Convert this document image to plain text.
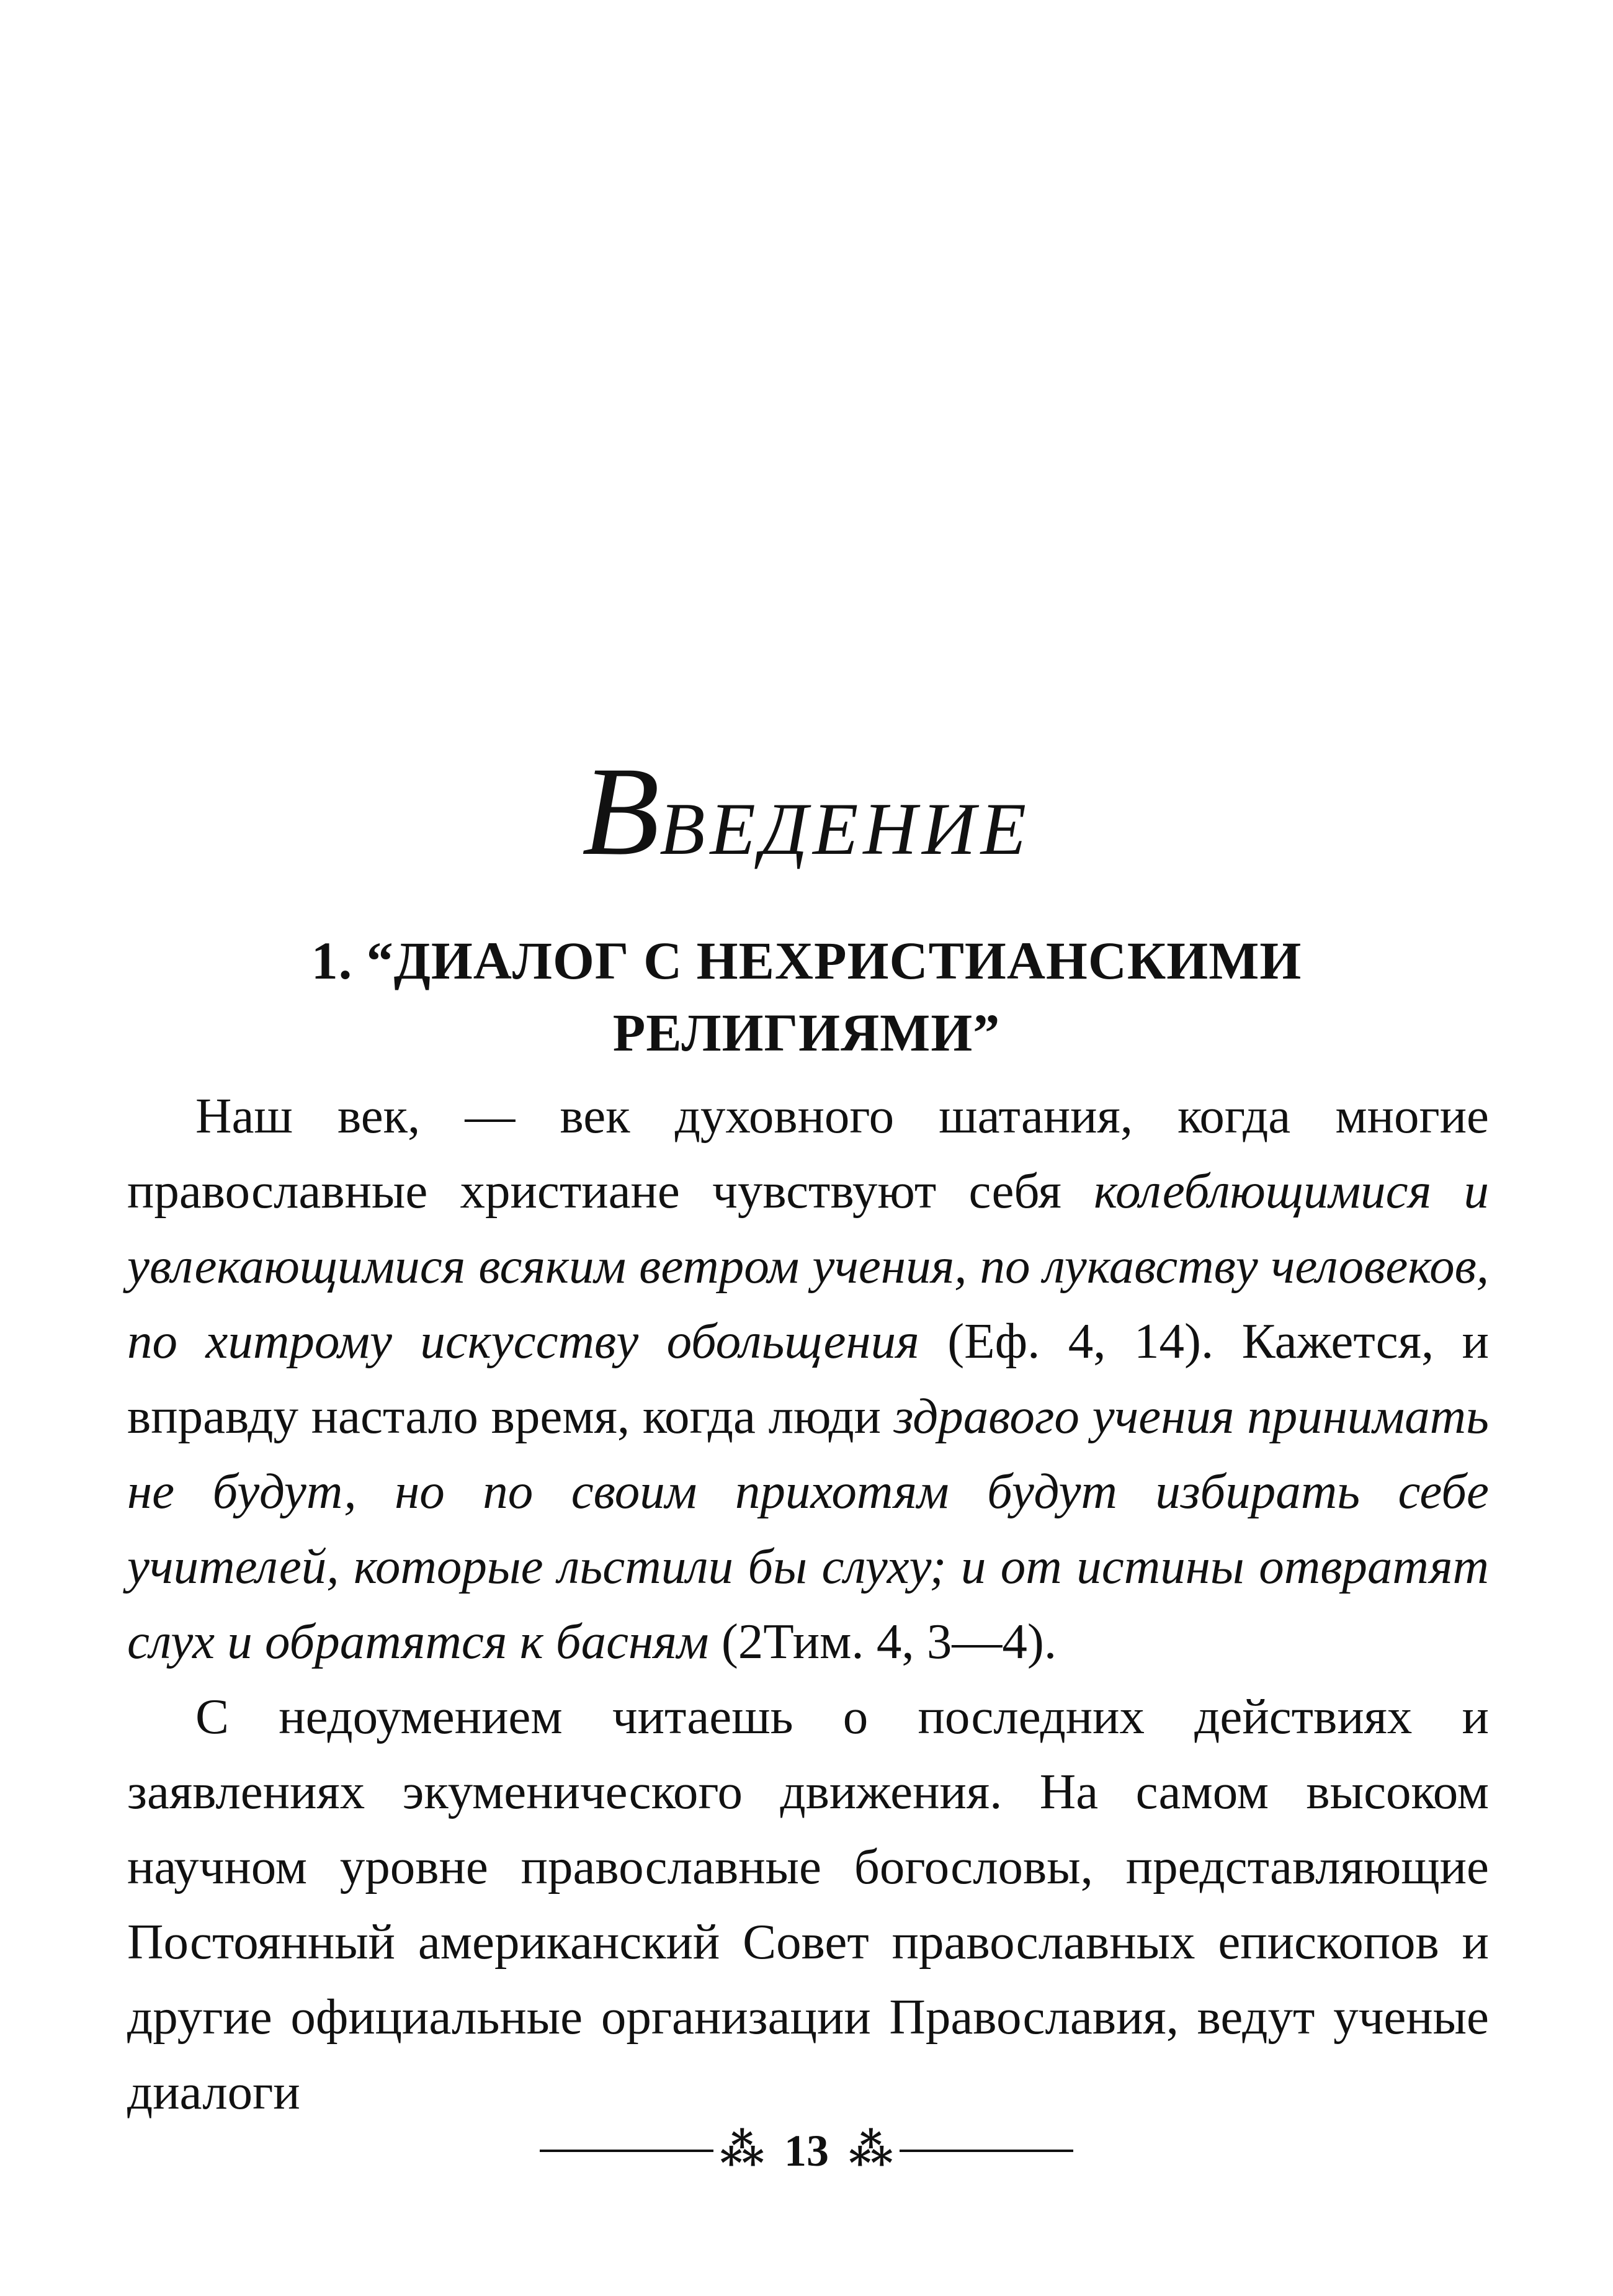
ВВЕДЕНИЕ
1. “ДИАЛОГ С НЕХРИСТИАНСКИМИ
РЕЛИГИЯМИ”

Наш век, — век духовного шатания, когда многие православные христиане чувствуют себя колеблющимися и увлекающимися всяким ветром учения, по лукавству человеков, по хитрому искусству обольщения (Еф. 4, 14). Кажется, и вправду настало время, когда люди здравого учения принимать не будут, но по своим прихотям будут избирать себе учителей, которые льстили бы слуху; и от истины отвратят слух и обратятся к басням (2Тим. 4, 3—4).

С недоумением читаешь о последних действиях и заявлениях экуменического движения. На самом высоком научном уровне православные богословы, представляющие Постоянный американский Совет православных епископов и другие официальные организации Православия, ведут ученые диалоги

⁂ 13 ⁂
